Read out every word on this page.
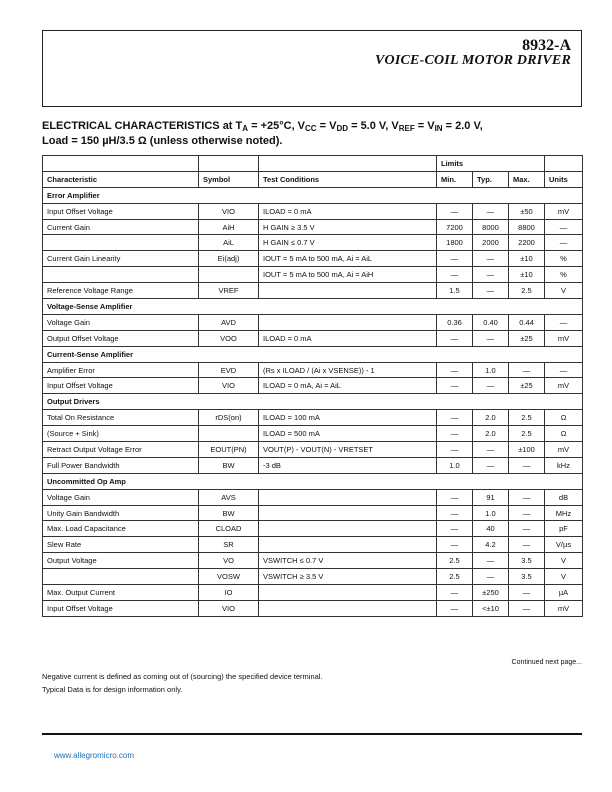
8932-A
VOICE-COIL MOTOR DRIVER
ELECTRICAL CHARACTERISTICS at $T_A = +25^\circ C$, $V_{CC} = V_{DD} = 5.0$ V, $V_{REF} = V_{IN} = 2.0$ V,
Load = 150 µH/3.5 Ω (unless otherwise noted).
			Limits			
Characteristic	Symbol	Test Conditions	Min.	Typ.	Max.	Units
Error Amplifier						
Input Offset Voltage	VIO	ILOAD = 0 mA	—	—	±50	mV
Current Gain	AiH	H GAIN ≥ 3.5 V	7200	8000	8800	—
	AiL	H GAIN ≤ 0.7 V	1800	2000	2200	—
Current Gain Linearity	Ei(adj)	IOUT = 5 mA to 500 mA, Ai = AiL	—	—	±10	%
		IOUT = 5 mA to 500 mA, Ai = AiH	—	—	±10	%
Reference Voltage Range	VREF		1.5	—	2.5	V
Voltage-Sense Amplifier						
Voltage Gain	AVD		0.36	0.40	0.44	—
Output Offset Voltage	VOO	ILOAD = 0 mA	—	—	±25	mV
Current-Sense Amplifier						
Amplifier Error	EVD	(Rs x ILOAD / (Ai x VSENSE)) - 1	—	1.0	—	—
Input Offset Voltage	VIO	ILOAD = 0 mA, Ai = AiL	—	—	±25	mV
Output Drivers						
Total On Resistance	rDS(on)	ILOAD = 100 mA	—	2.0	2.5	Ω
(Source + Sink)		ILOAD = 500 mA	—	2.0	2.5	Ω
Retract Output Voltage Error	EOUT(PN)	VOUT(P) - VOUT(N) - VRETSET	—	—	±100	mV
Full Power Bandwidth	BW	-3 dB	1.0	—	—	kHz
Uncommitted Op Amp						
Voltage Gain	AVS		—	91	—	dB
Unity Gain Bandwidth	BW		—	1.0	—	MHz
Max. Load Capacitance	CLOAD		—	40	—	pF
Slew Rate	SR		—	4.2	—	V/µs
Output Voltage	VO	VSWITCH ≤ 0.7 V	2.5	—	3.5	V
	VOSW	VSWITCH ≥ 3.5 V	2.5	—	3.5	V
Max. Output Current	IO		—	±250	—	µA
Input Offset Voltage	VIO		—	<±10	—	mV
Continued next page...
Negative current is defined as coming out of (sourcing) the specified device terminal.
Typical Data is for design information only.
www.allegromicro.com
